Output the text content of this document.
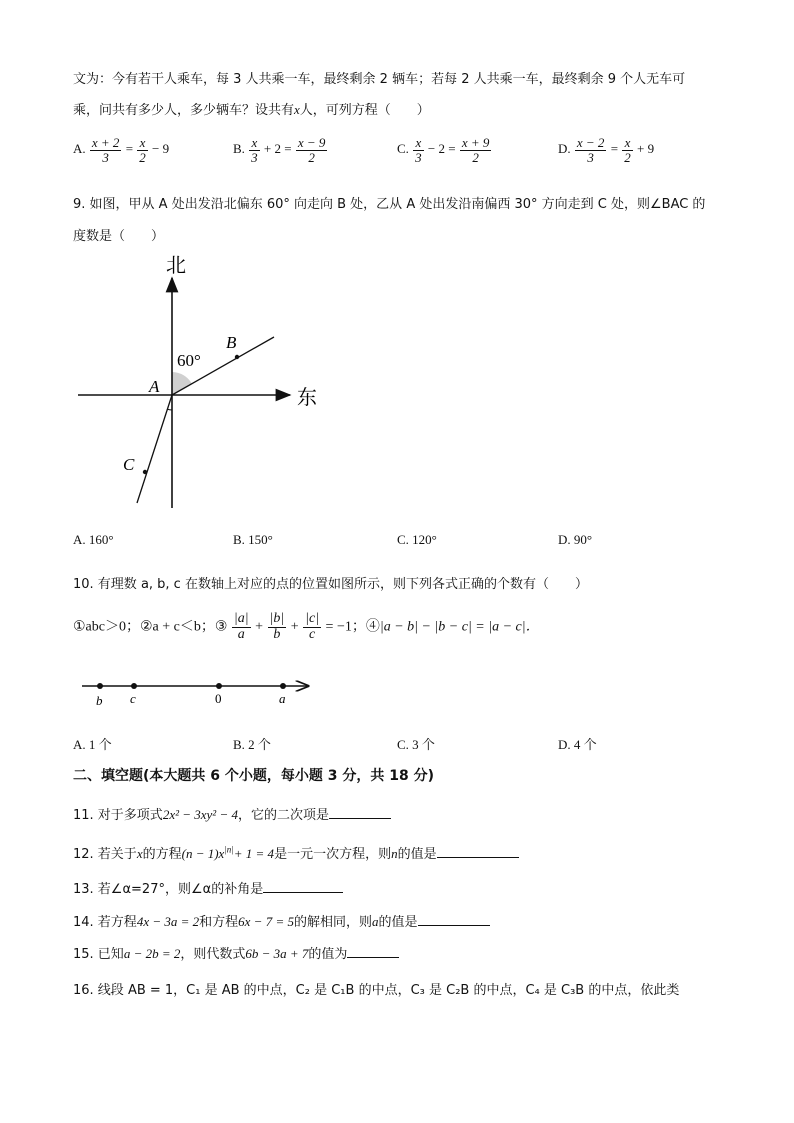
文为：今有若干人乘车，每 3 人共乘一车，最终剩余 2 辆车；若每 2 人共乘一车，最终剩余 9 个人无车可
乘，问共有多少人，多少辆车？设共有x人，可列方程（　　）
A. $\frac{x + 2}{3} = \frac{x}{2} - 9$	B. $\frac{x}{3} + 2 = \frac{x - 9}{2}$	C. $\frac{x}{3} - 2 = \frac{x + 9}{2}$	D. $\frac{x - 2}{3} = \frac{x}{2} + 9$
9. 如图，甲从 A 处出发沿北偏东 60° 向走向 B 处，乙从 A 处出发沿南偏西 30° 方向走到 C 处，则∠BAC 的
度数是（　　）
北
东
60°
B
A
C
A. 160°	B. 150°	C. 120°	D. 90°
10. 有理数 a, b, c 在数轴上对应的点的位置如图所示，则下列各式正确的个数有（　　）
①abc＞0；②a + c＜b；③ $\frac{|a|}{a} + \frac{|b|}{b} + \frac{|c|}{c} = -1$；④|a − b| − |b − c| = |a − c|．
b c	0	a
A. 1 个	B. 2 个	C. 3 个	D. 4 个
二、填空题(本大题共 6 个小题，每小题 3 分，共 18 分)
11. 对于多项式2x² − 3xy² − 4，它的二次项是
12. 若关于x的方程$(n - 1)x^{|n|}+ 1 = 4$是一元一次方程，则n的值是
13. 若∠α=27°，则∠α的补角是
14. 若方程4x − 3a = 2和方程6x − 7 = 5的解相同，则a的值是
15. 已知a − 2b = 2，则代数式6b − 3a + 7的值为
16. 线段 AB = 1，C₁ 是 AB 的中点，C₂ 是 C₁B 的中点，C₃ 是 C₂B 的中点，C₄ 是 C₃B 的中点，依此类
